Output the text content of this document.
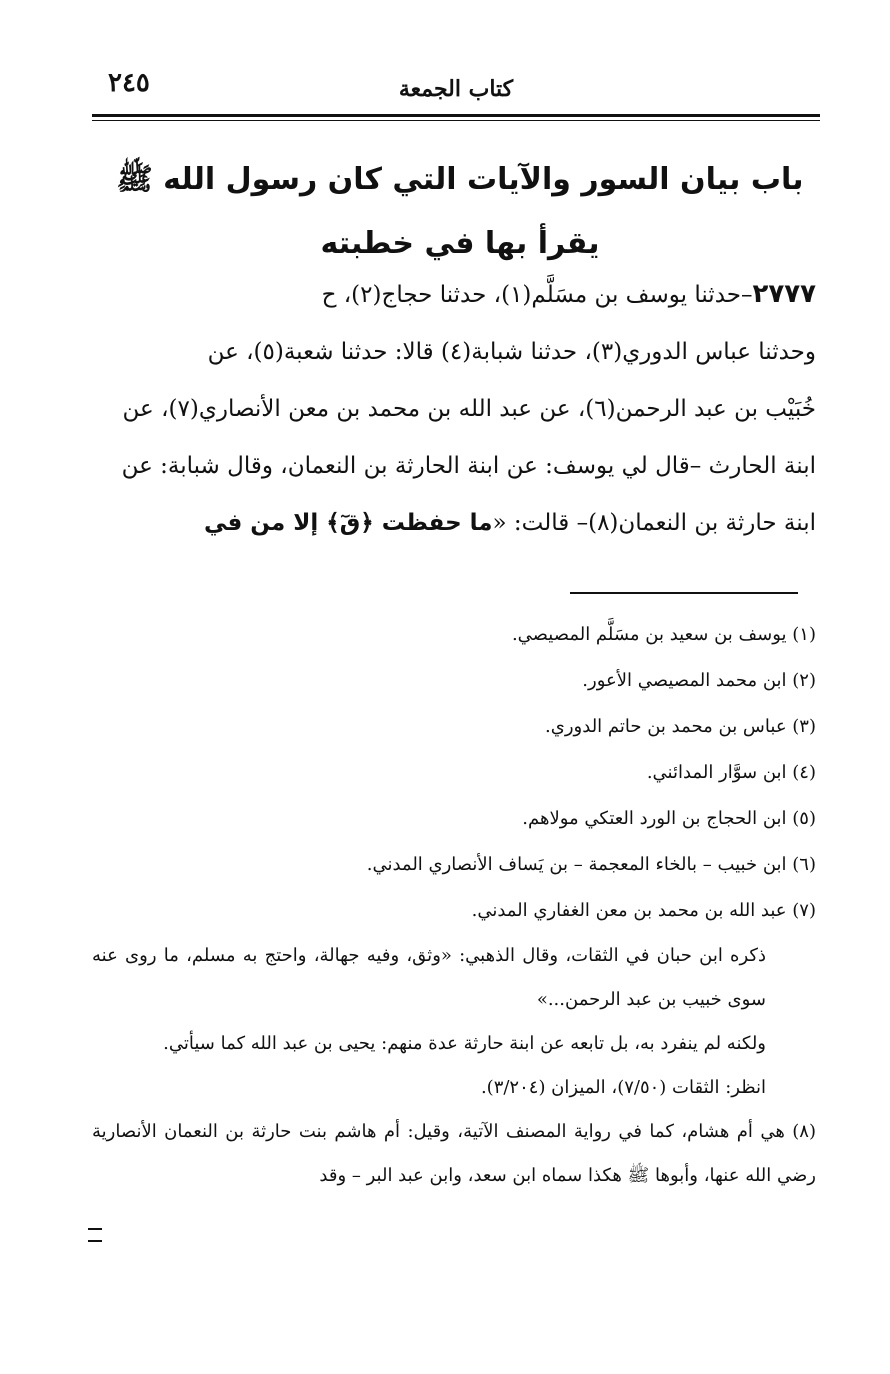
كتاب الجمعة
٢٤٥
باب بيان السور والآيات التي كان رسول الله ﷺ يقرأ بها في خطبته

٢٧٧٧–حدثنا يوسف بن مسَلَّم(١)، حدثنا حجاج(٢)، ح

وحدثنا عباس الدوري(٣)، حدثنا شبابة(٤) قالا: حدثنا شعبة(٥)، عن

خُبَيْب بن عبد الرحمن(٦)، عن عبد الله بن محمد بن معن الأنصاري(٧)، عن

ابنة الحارث –قال لي يوسف: عن ابنة الحارثة بن النعمان، وقال شبابة: عن

ابنة حارثة بن النعمان(٨)– قالت: «ما حفظت ﴿قٓ﴾ إلا من في

(١) يوسف بن سعيد بن مسَلَّم المصيصي.

(٢) ابن محمد المصيصي الأعور.

(٣) عباس بن محمد بن حاتم الدوري.

(٤) ابن سوَّار المدائني.

(٥) ابن الحجاج بن الورد العتكي مولاهم.

(٦) ابن خبيب – بالخاء المعجمة – بن يَساف الأنصاري المدني.

(٧) عبد الله بن محمد بن معن الغفاري المدني.

ذكره ابن حبان في الثقات، وقال الذهبي: «وثق، وفيه جهالة، واحتج به مسلم، ما روى عنه سوى خبيب بن عبد الرحمن...»

ولكنه لم ينفرد به، بل تابعه عن ابنة حارثة عدة منهم: يحيى بن عبد الله كما سيأتي.

انظر: الثقات (٧/٥٠)، الميزان (٣/٢٠٤).

(٨) هي أم هشام، كما في رواية المصنف الآتية، وقيل: أم هاشم بنت حارثة بن النعمان الأنصارية رضي الله عنها، وأبوها ﷺ هكذا سماه ابن سعد، وابن عبد البر – وقد
